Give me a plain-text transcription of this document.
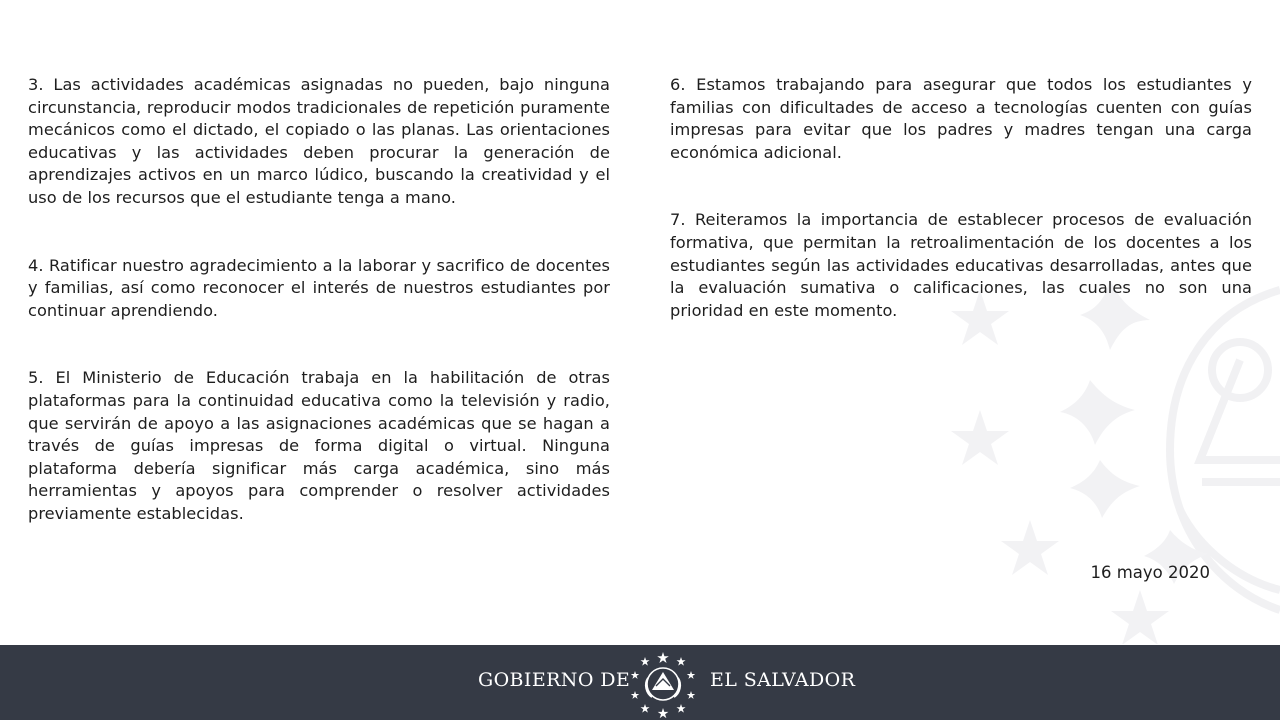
3. Las actividades académicas asignadas no pueden, bajo ninguna circunstancia, reproducir modos tradicionales de repetición puramente mecánicos como el dictado, el copiado o las planas. Las orientaciones educativas y las actividades deben procurar la generación de aprendizajes activos en un marco lúdico, buscando la creatividad y el uso de los recursos que el estudiante tenga a mano.

4. Ratificar nuestro agradecimiento a la laborar y sacrifico de docentes y familias, así como reconocer el interés de nuestros estudiantes por continuar aprendiendo.

5. El Ministerio de Educación trabaja en la habilitación de otras plataformas para la continuidad educativa como la televisión y radio, que servirán de apoyo a las asignaciones académicas que se hagan a través de guías impresas de forma digital o virtual. Ninguna plataforma debería significar más carga académica, sino más herramientas y apoyos para comprender o resolver actividades previamente establecidas.

6. Estamos trabajando para asegurar que todos los estudiantes y familias con dificultades de acceso a tecnologías cuenten con guías impresas para evitar que los padres y madres tengan una carga económica adicional.

7. Reiteramos la importancia de establecer procesos de evaluación formativa, que permitan la retroalimentación de los docentes a los estudiantes según las actividades educativas desarrolladas, antes que la evaluación sumativa o calificaciones, las cuales no son una prioridad en este momento.

16 mayo 2020
GOBIERNO DE	EL SALVADOR
